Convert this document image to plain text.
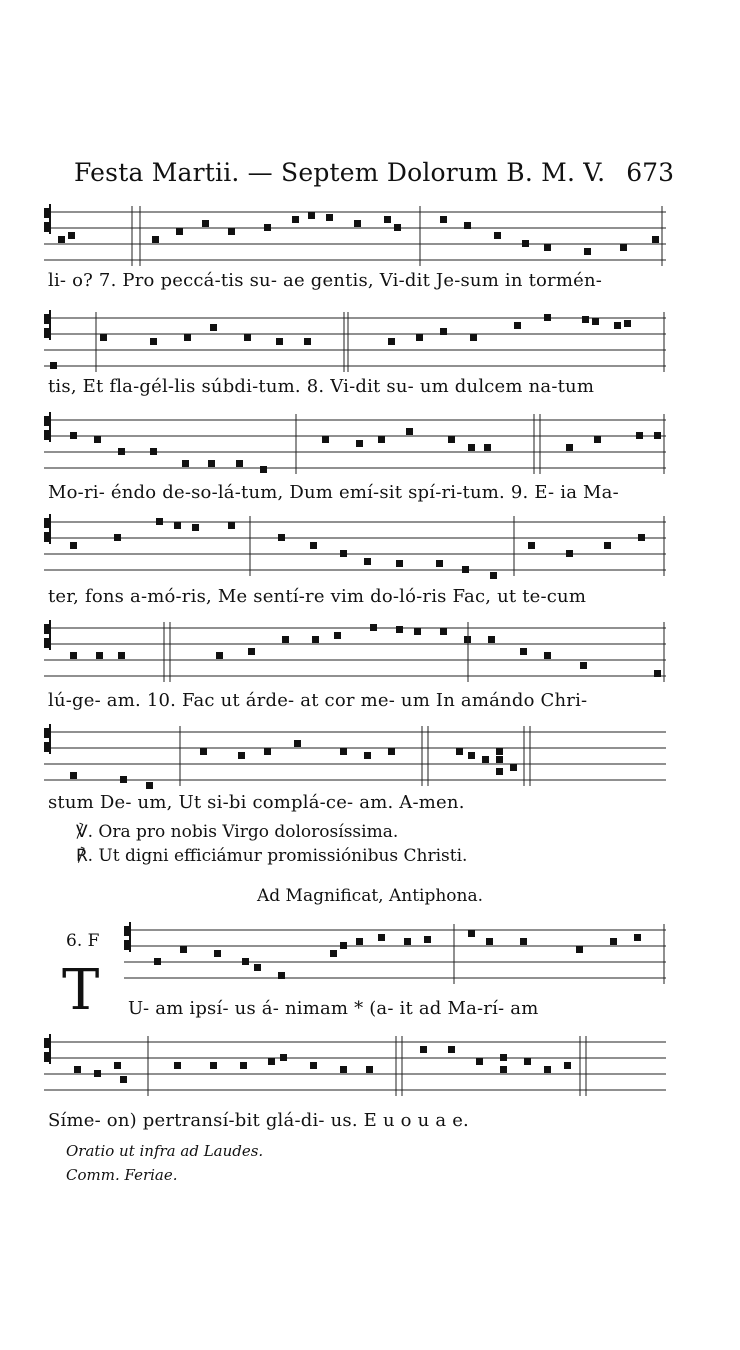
Festa Martii. — Septem Dolorum B. M. V. 673
li- o? 7. Pro peccá-tis su- ae gentis, Vi-dit Je-sum in tormén-
tis, Et fla-gél-lis súbdi-tum. 8. Vi-dit su- um dulcem na-tum
Mo-ri- éndo de-so-lá-tum, Dum emí-sit spí-ri-tum. 9. E- ia Ma-
ter, fons a-mó-ris, Me sentí-re vim do-ló-ris Fac, ut te-cum
lú-ge- am. 10. Fac ut árde- at cor me- um In amándo Chri-
stum De- um, Ut si-bi complá-ce- am. A-men.
℣. Ora pro nobis Virgo dolorosíssima.
℟. Ut digni efficiámur promissiónibus Christi.
Ad Magnificat, Antiphona.
6. F
T U- am ipsí- us á- nimam * (a- it ad Ma-rí- am
Síme- on) pertransí-bit glá-di- us. E u o u a e.
Oratio ut infra ad Laudes.
Comm. Feriae.
